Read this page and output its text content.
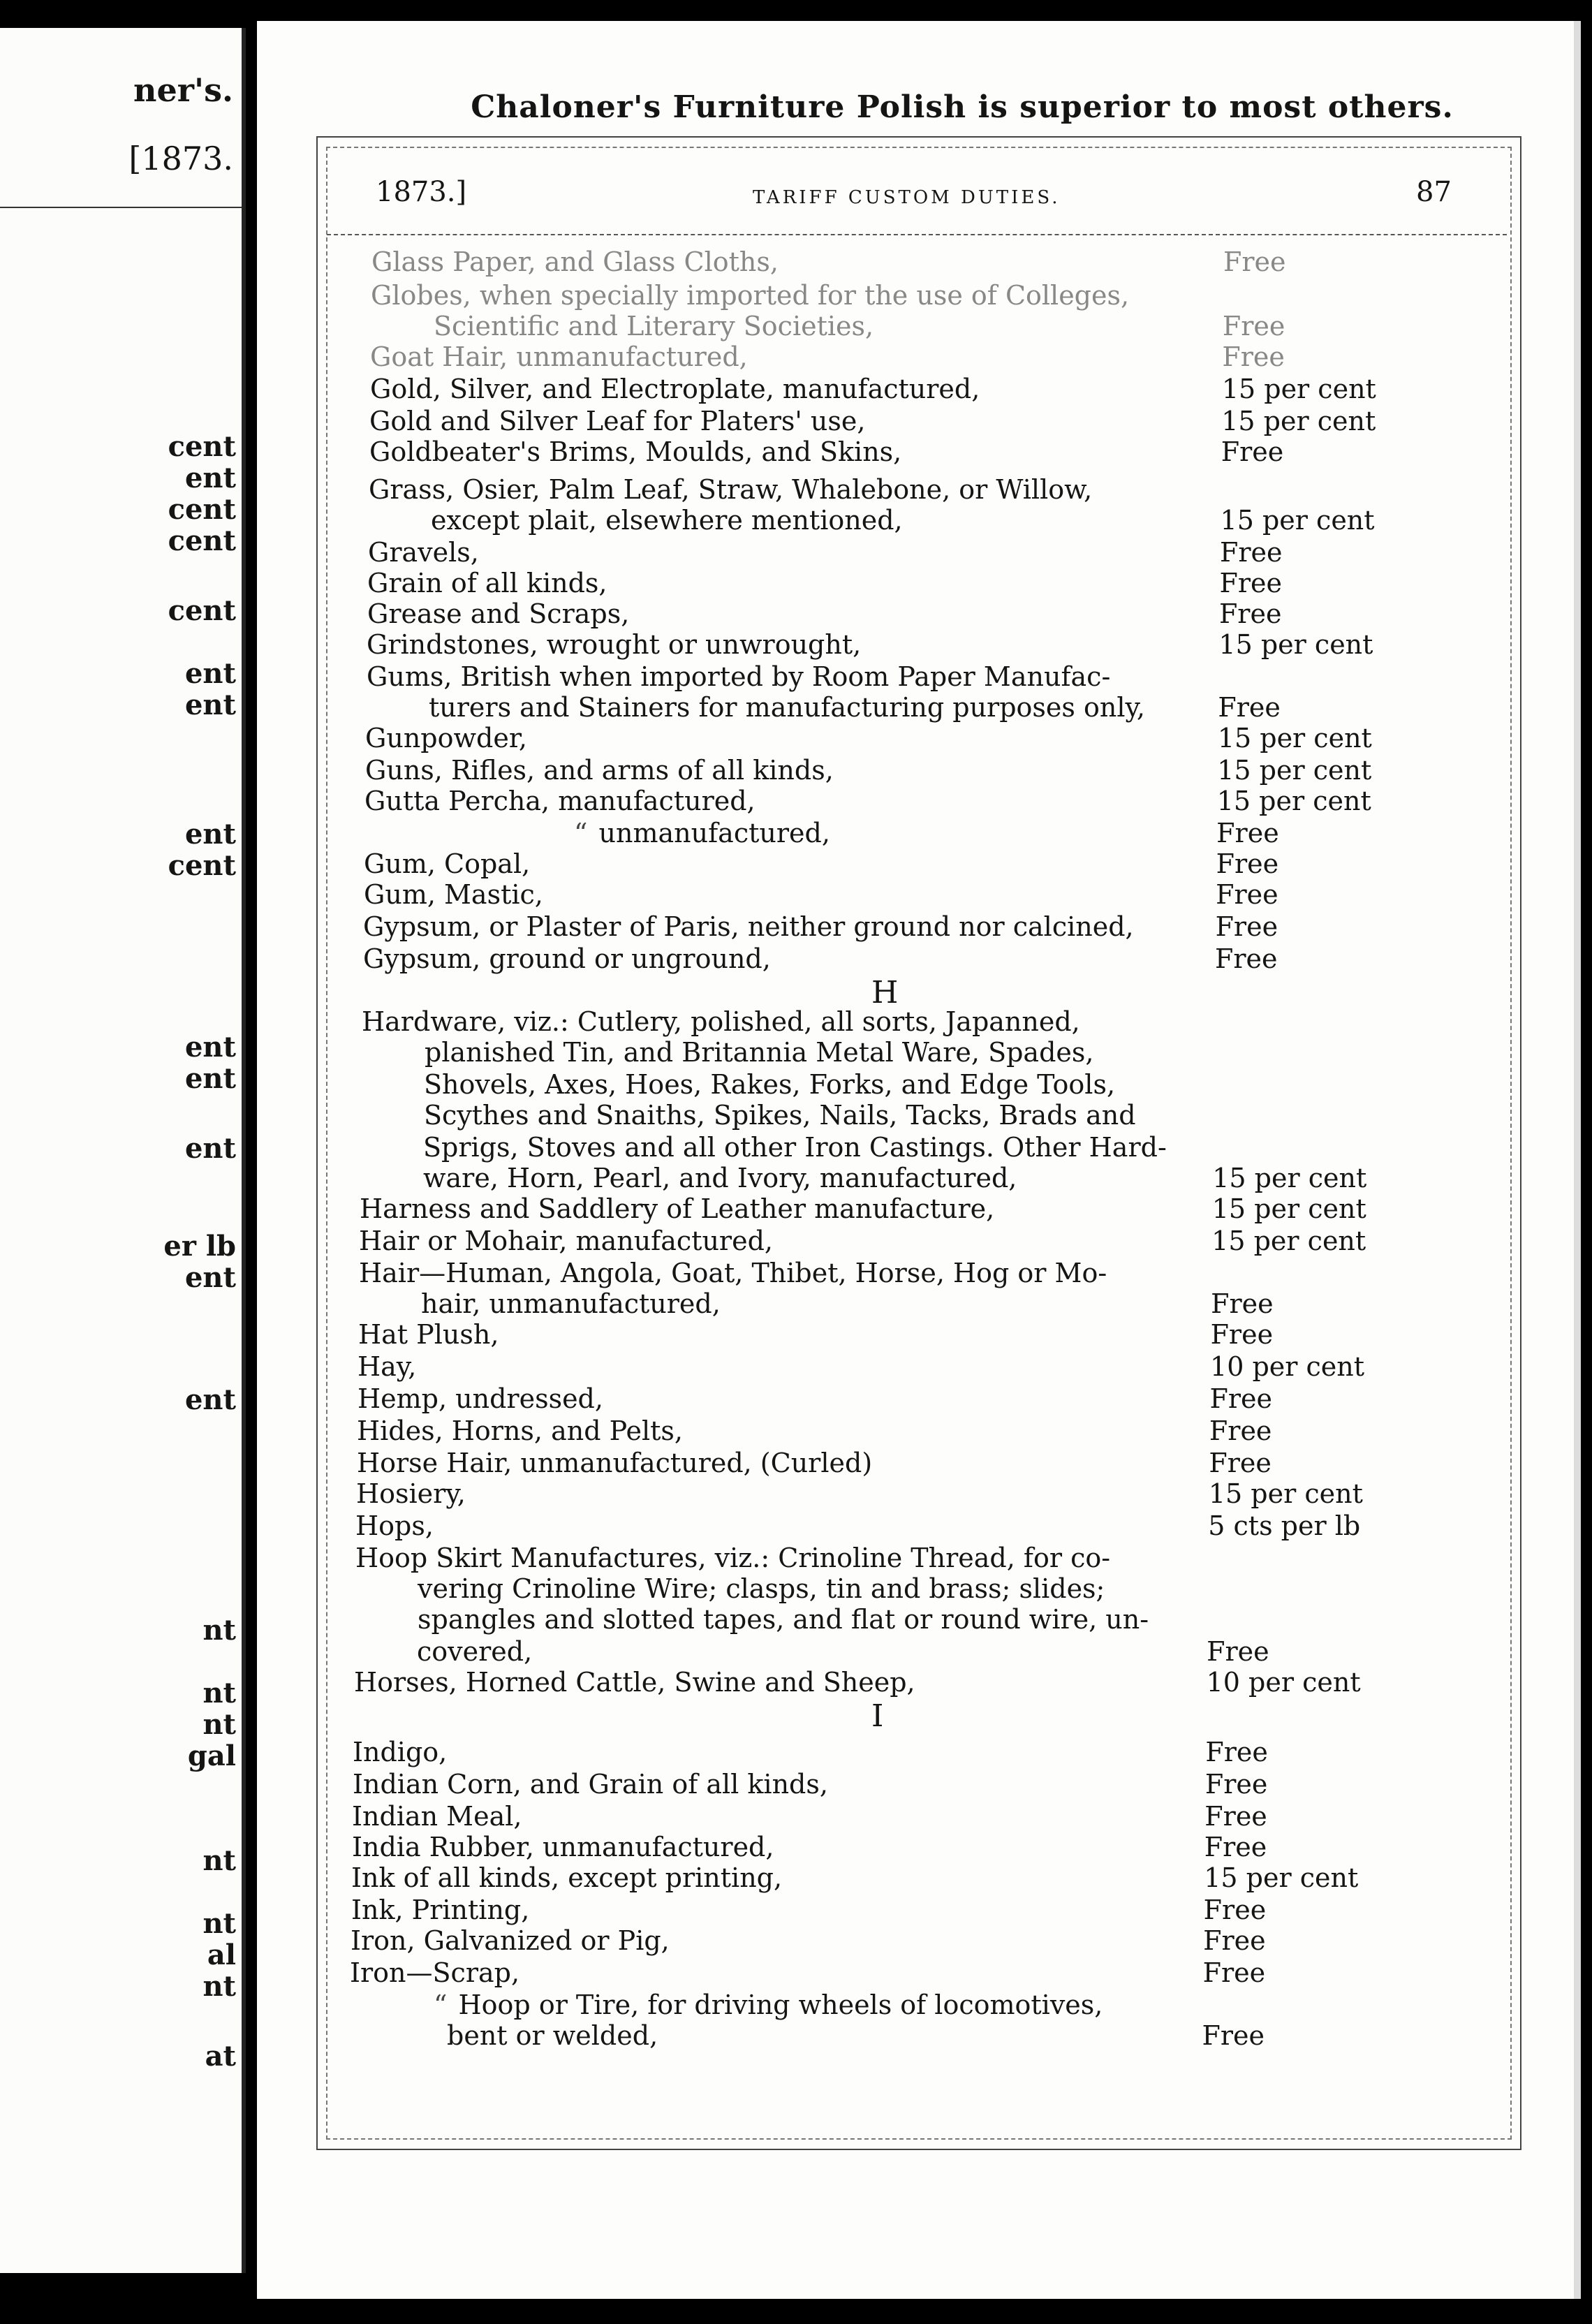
ner's.
[1873.
cent
ent
cent
cent
cent
ent
ent
ent
cent
ent
ent
ent
er lb
ent
ent
nt
nt
nt
gal
nt
nt
al
nt
at
Chaloner's Furniture Polish is superior to most others.
1873.]	TARIFF CUSTOM DUTIES.	87
Glass Paper, and Glass Cloths,	Free
Globes, when specially imported for the use of Colleges,
Scientific and Literary Societies,	Free
Goat Hair, unmanufactured,	Free
Gold, Silver, and Electroplate, manufactured,	15 per cent
Gold and Silver Leaf for Platers' use,	15 per cent
Goldbeater's Brims, Moulds, and Skins,	Free
Grass, Osier, Palm Leaf, Straw, Whalebone, or Willow,
except plait, elsewhere mentioned,	15 per cent
Gravels,	Free
Grain of all kinds,	Free
Grease and Scraps,	Free
Grindstones, wrought or unwrought,	15 per cent
Gums, British when imported by Room Paper Manufac-
turers and Stainers for manufacturing purposes only,	Free
Gunpowder,	15 per cent
Guns, Rifles, and arms of all kinds,	15 per cent
Gutta Percha, manufactured,	15 per cent
“ unmanufactured,	Free
Gum, Copal,	Free
Gum, Mastic,	Free
Gypsum, or Plaster of Paris, neither ground nor calcined,	Free
Gypsum, ground or unground,	Free
H
Hardware, viz.: Cutlery, polished, all sorts, Japanned,
planished Tin, and Britannia Metal Ware, Spades,
Shovels, Axes, Hoes, Rakes, Forks, and Edge Tools,
Scythes and Snaiths, Spikes, Nails, Tacks, Brads and
Sprigs, Stoves and all other Iron Castings. Other Hard-
ware, Horn, Pearl, and Ivory, manufactured,	15 per cent
Harness and Saddlery of Leather manufacture,	15 per cent
Hair or Mohair, manufactured,	15 per cent
Hair—Human, Angola, Goat, Thibet, Horse, Hog or Mo-
hair, unmanufactured,	Free
Hat Plush,	Free
Hay,	10 per cent
Hemp, undressed,	Free
Hides, Horns, and Pelts,	Free
Horse Hair, unmanufactured, (Curled)	Free
Hosiery,	15 per cent
Hops,	5 cts per lb
Hoop Skirt Manufactures, viz.: Crinoline Thread, for co-
vering Crinoline Wire; clasps, tin and brass; slides;
spangles and slotted tapes, and flat or round wire, un-
covered,	Free
Horses, Horned Cattle, Swine and Sheep,	10 per cent
I
Indigo,	Free
Indian Corn, and Grain of all kinds,	Free
Indian Meal,	Free
India Rubber, unmanufactured,	Free
Ink of all kinds, except printing,	15 per cent
Ink, Printing,	Free
Iron, Galvanized or Pig,	Free
Iron—Scrap,	Free
“ Hoop or Tire, for driving wheels of locomotives,
bent or welded,	Free
